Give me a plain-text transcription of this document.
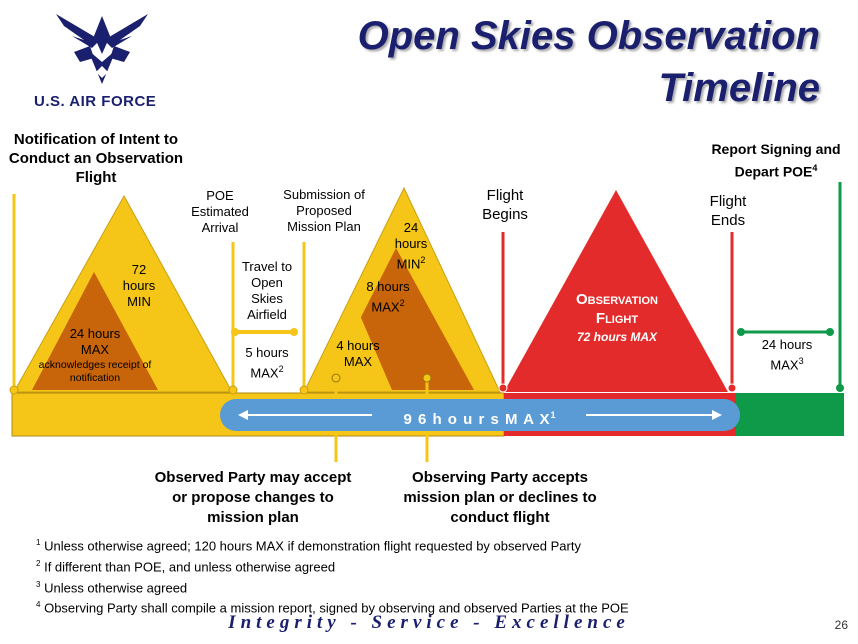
U.S. AIR FORCE
Open Skies Observation
Timeline
Notification of Intent to Conduct an Observation Flight
72 hours MIN
24 hours MAX
acknowledges receipt of notification
POE Estimated Arrival
Travel to Open Skies Airfield
5 hours MAX$^2$
Submission of Proposed Mission Plan	24 hours MIN$^2$
8 hours MAX$^2$
4 hours MAX
Flight Begins
Observation
Flight
72 hours MAX
Flight Ends
Report Signing and Depart POE$^4$
24 hours MAX$^3$
9 6 h o u r s M A $X^1$
Observed Party may accept or propose changes to mission plan
Observing Party accepts mission plan or declines to conduct flight
$^1$ Unless otherwise agreed; 120 hours MAX if demonstration flight requested by observed Party
$^2$ If different than POE, and unless otherwise agreed
$^3$ Unless otherwise agreed
$^4$ Observing Party shall compile a mission report, signed by observing and observed Parties at the POE
Integrity - Service - Excellence	26
